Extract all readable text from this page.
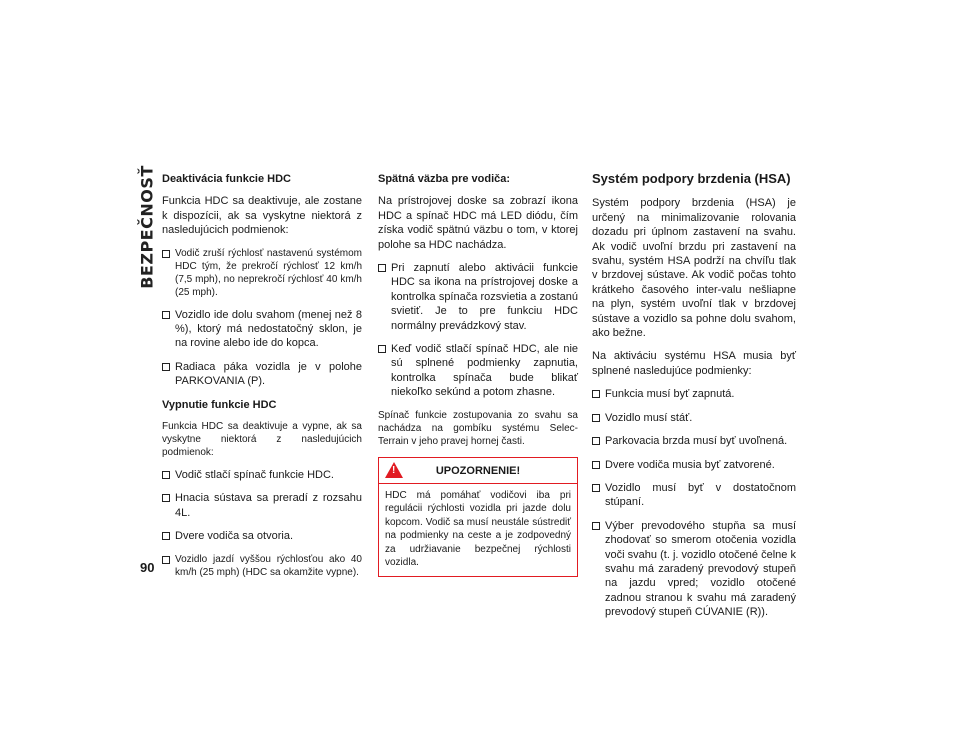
BEZPEČNOSŤ
90
Deaktivácia funkcie HDC

Funkcia HDC sa deaktivuje, ale zostane k dispozícii, ak sa vyskytne niektorá z nasledujúcich podmienok:

Vodič zruší rýchlosť nastavenú systémom HDC tým, že prekročí rýchlosť 12 km/h (7,5 mph), no neprekročí rýchlosť 40 km/h (25 mph).
Vozidlo ide dolu svahom (menej než 8 %), ktorý má nedostatočný sklon, je na rovine alebo ide do kopca.
Radiaca páka vozidla je v polohe PARKOVANIA (P).
Vypnutie funkcie HDC

Funkcia HDC sa deaktivuje a vypne, ak sa vyskytne niektorá z nasledujúcich podmienok:

Vodič stlačí spínač funkcie HDC.
Hnacia sústava sa preradí z rozsahu 4L.
Dvere vodiča sa otvoria.
Vozidlo jazdí vyššou rýchlosťou ako 40 km/h (25 mph) (HDC sa okamžite vypne).
Spätná väzba pre vodiča:

Na prístrojovej doske sa zobrazí ikona HDC a spínač HDC má LED diódu, čím získa vodič spätnú väzbu o tom, v ktorej polohe sa HDC nachádza.

Pri zapnutí alebo aktivácii funkcie HDC sa ikona na prístrojovej doske a kontrolka spínača rozsvietia a zostanú svietiť. Je to pre funkciu HDC normálny prevádzkový stav.
Keď vodič stlačí spínač HDC, ale nie sú splnené podmienky zapnutia, kontrolka spínača bude blikať niekoľko sekúnd a potom zhasne.

Spínač funkcie zostupovania zo svahu sa nachádza na gombíku systému Selec-Terrain v jeho pravej hornej časti.

!
UPOZORNENIE!
HDC má pomáhať vodičovi iba pri regulácii rýchlosti vozidla pri jazde dolu kopcom. Vodič sa musí neustále sústrediť na podmienky na ceste a je zodpovedný za udržiavanie bezpečnej rýchlosti vozidla.
Systém podpory brzdenia (HSA)

Systém podpory brzdenia (HSA) je určený na minimalizovanie rolovania dozadu pri úplnom zastavení na svahu. Ak vodič uvoľní brzdu pri zastavení na svahu, systém HSA podrží na chvíľu tlak v brzdovej sústave. Ak vodič počas tohto krátkeho časového inter-valu nešliapne na plyn, systém uvoľní tlak v brzdovej sústave a vozidlo sa pohne dolu svahom, ako bežne.

Na aktiváciu systému HSA musia byť splnené nasledujúce podmienky:

Funkcia musí byť zapnutá.
Vozidlo musí stáť.
Parkovacia brzda musí byť uvoľnená.
Dvere vodiča musia byť zatvorené.
Vozidlo musí byť v dostatočnom stúpaní.
Výber prevodového stupňa sa musí zhodovať so smerom otočenia vozidla voči svahu (t. j. vozidlo otočené čelne k svahu má zaradený prevodový stupeň na jazdu vpred; vozidlo otočené zadnou stranou k svahu má zaradený prevodový stupeň CÚVANIE (R)).
